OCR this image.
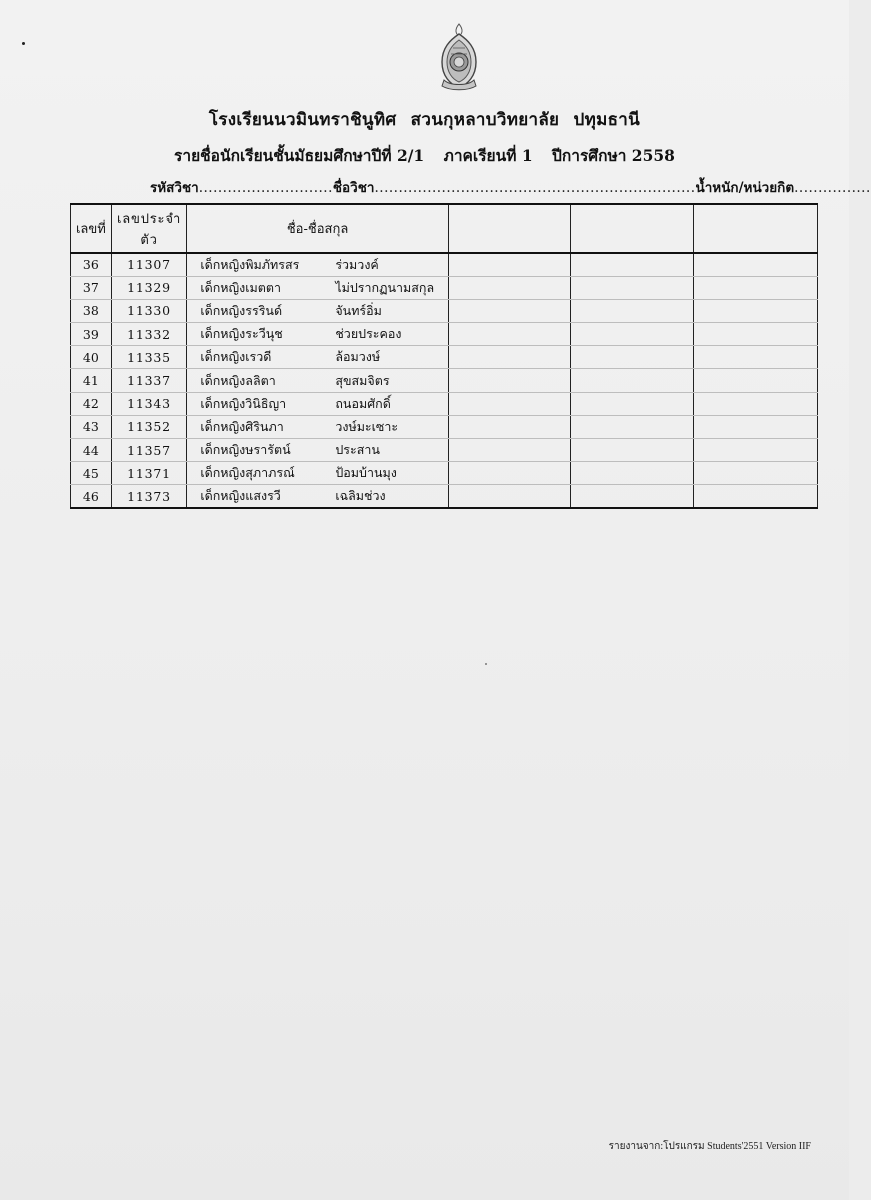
โรงเรียนนวมินทราชินูทิศ สวนกุหลาบวิทยาลัย ปทุมธานี
รายชื่อนักเรียนชั้นมัธยมศึกษาปีที่ 2/1 ภาคเรียนที่ 1 ปีการศึกษา 2558
รหัสวิชา............................ชื่อวิชา...................................................................น้ำหนัก/หน่วยกิต................
เลขที่	เลขประจำตัว	ชื่อ-ชื่อสกุล			
36	11307	เด็กหญิงพิมภัทรสร ร่วมวงค์			
37	11329	เด็กหญิงเมตตา ไม่ปรากฏนามสกุล			
38	11330	เด็กหญิงรรรินด์ จันทร์อิ่ม			
39	11332	เด็กหญิงระวีนุช ช่วยประคอง			
40	11335	เด็กหญิงเรวดี ล้อมวงษ์			
41	11337	เด็กหญิงลลิตา สุขสมจิตร			
42	11343	เด็กหญิงวินิธิญา ถนอมศักดิ์			
43	11352	เด็กหญิงศิรินภา วงษ์มะเซาะ			
44	11357	เด็กหญิงษรารัตน์ ประสาน			
45	11371	เด็กหญิงสุภาภรณ์ ป้อมบ้านมุง			
46	11373	เด็กหญิงแสงรวี เฉลิมช่วง			
รายงานจาก:โปรแกรม Students'2551 Version IIF
